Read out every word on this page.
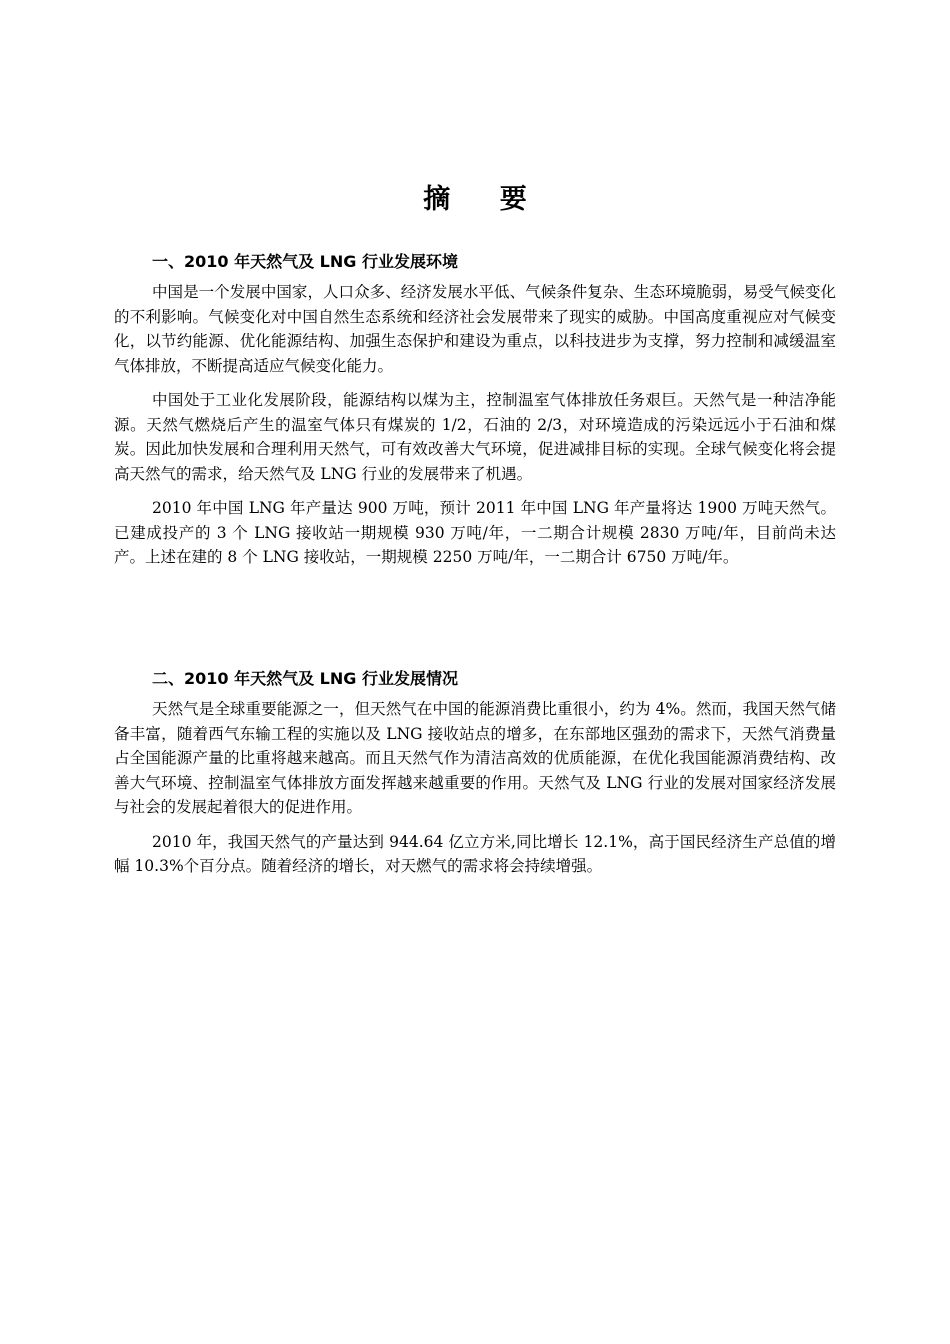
摘 要
一、2010 年天然气及 LNG 行业发展环境

中国是一个发展中国家，人口众多、经济发展水平低、气候条件复杂、生态环境脆弱，易受气候变化的不利影响。气候变化对中国自然生态系统和经济社会发展带来了现实的威胁。中国高度重视应对气候变化，以节约能源、优化能源结构、加强生态保护和建设为重点，以科技进步为支撑，努力控制和减缓温室气体排放，不断提高适应气候变化能力。

中国处于工业化发展阶段，能源结构以煤为主，控制温室气体排放任务艰巨。天然气是一种洁净能源。天然气燃烧后产生的温室气体只有煤炭的 1/2，石油的 2/3，对环境造成的污染远远小于石油和煤炭。因此加快发展和合理利用天然气，可有效改善大气环境，促进减排目标的实现。全球气候变化将会提高天然气的需求，给天然气及 LNG 行业的发展带来了机遇。

2010 年中国 LNG 年产量达 900 万吨，预计 2011 年中国 LNG 年产量将达 1900 万吨天然气。已建成投产的 3 个 LNG 接收站一期规模 930 万吨/年，一二期合计规模 2830 万吨/年，目前尚未达产。上述在建的 8 个 LNG 接收站，一期规模 2250 万吨/年，一二期合计 6750 万吨/年。

二、2010 年天然气及 LNG 行业发展情况

天然气是全球重要能源之一，但天然气在中国的能源消费比重很小，约为 4%。然而，我国天然气储备丰富，随着西气东输工程的实施以及 LNG 接收站点的增多，在东部地区强劲的需求下，天然气消费量占全国能源产量的比重将越来越高。而且天然气作为清洁高效的优质能源，在优化我国能源消费结构、改善大气环境、控制温室气体排放方面发挥越来越重要的作用。天然气及 LNG 行业的发展对国家经济发展与社会的发展起着很大的促进作用。

2010 年，我国天然气的产量达到 944.64 亿立方米,同比增长 12.1%，高于国民经济生产总值的增幅 10.3%个百分点。随着经济的增长，对天燃气的需求将会持续增强。
